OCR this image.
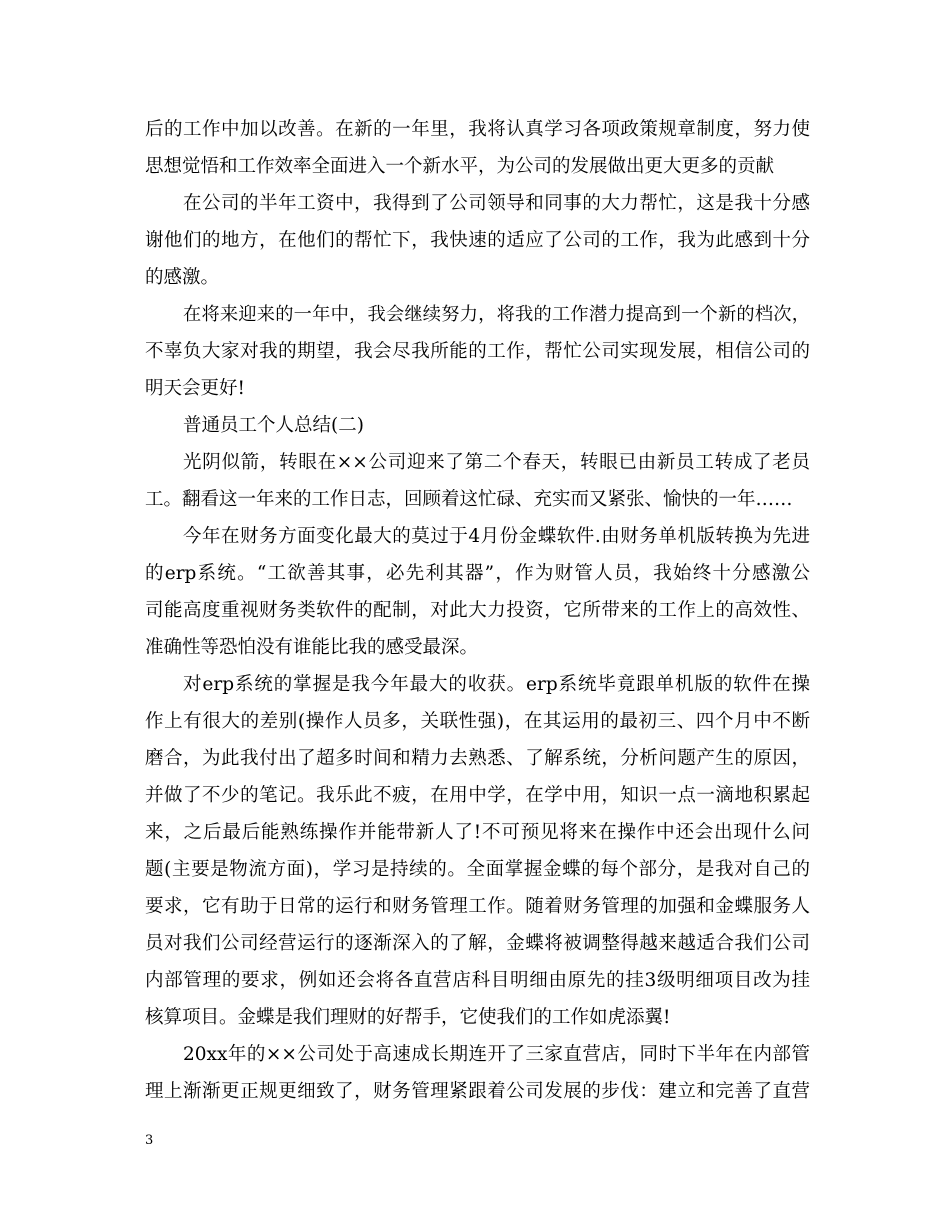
后的工作中加以改善。在新的一年里，我将认真学习各项政策规章制度，努力使
思想觉悟和工作效率全面进入一个新水平，为公司的发展做出更大更多的贡献
在公司的半年工资中，我得到了公司领导和同事的大力帮忙，这是我十分感
谢他们的地方，在他们的帮忙下，我快速的适应了公司的工作，我为此感到十分
的感激。
在将来迎来的一年中，我会继续努力，将我的工作潜力提高到一个新的档次，
不辜负大家对我的期望，我会尽我所能的工作，帮忙公司实现发展，相信公司的
明天会更好!
普通员工个人总结(二)
光阴似箭，转眼在××公司迎来了第二个春天，转眼已由新员工转成了老员
工。翻看这一年来的工作日志，回顾着这忙碌、充实而又紧张、愉快的一年……
今年在财务方面变化最大的莫过于4月份金蝶软件.由财务单机版转换为先进
的erp系统。“工欲善其事，必先利其器”，作为财管人员，我始终十分感激公
司能高度重视财务类软件的配制，对此大力投资，它所带来的工作上的高效性、
准确性等恐怕没有谁能比我的感受最深。
对erp系统的掌握是我今年最大的收获。erp系统毕竟跟单机版的软件在操
作上有很大的差别(操作人员多，关联性强)，在其运用的最初三、四个月中不断
磨合，为此我付出了超多时间和精力去熟悉、了解系统，分析问题产生的原因，
并做了不少的笔记。我乐此不疲，在用中学，在学中用，知识一点一滴地积累起
来，之后最后能熟练操作并能带新人了!不可预见将来在操作中还会出现什么问
题(主要是物流方面)，学习是持续的。全面掌握金蝶的每个部分，是我对自己的
要求，它有助于日常的运行和财务管理工作。随着财务管理的加强和金蝶服务人
员对我们公司经营运行的逐渐深入的了解，金蝶将被调整得越来越适合我们公司
内部管理的要求，例如还会将各直营店科目明细由原先的挂3级明细项目改为挂
核算项目。金蝶是我们理财的好帮手，它使我们的工作如虎添翼!
20xx年的××公司处于高速成长期连开了三家直营店，同时下半年在内部管
理上渐渐更正规更细致了，财务管理紧跟着公司发展的步伐：建立和完善了直营
3
